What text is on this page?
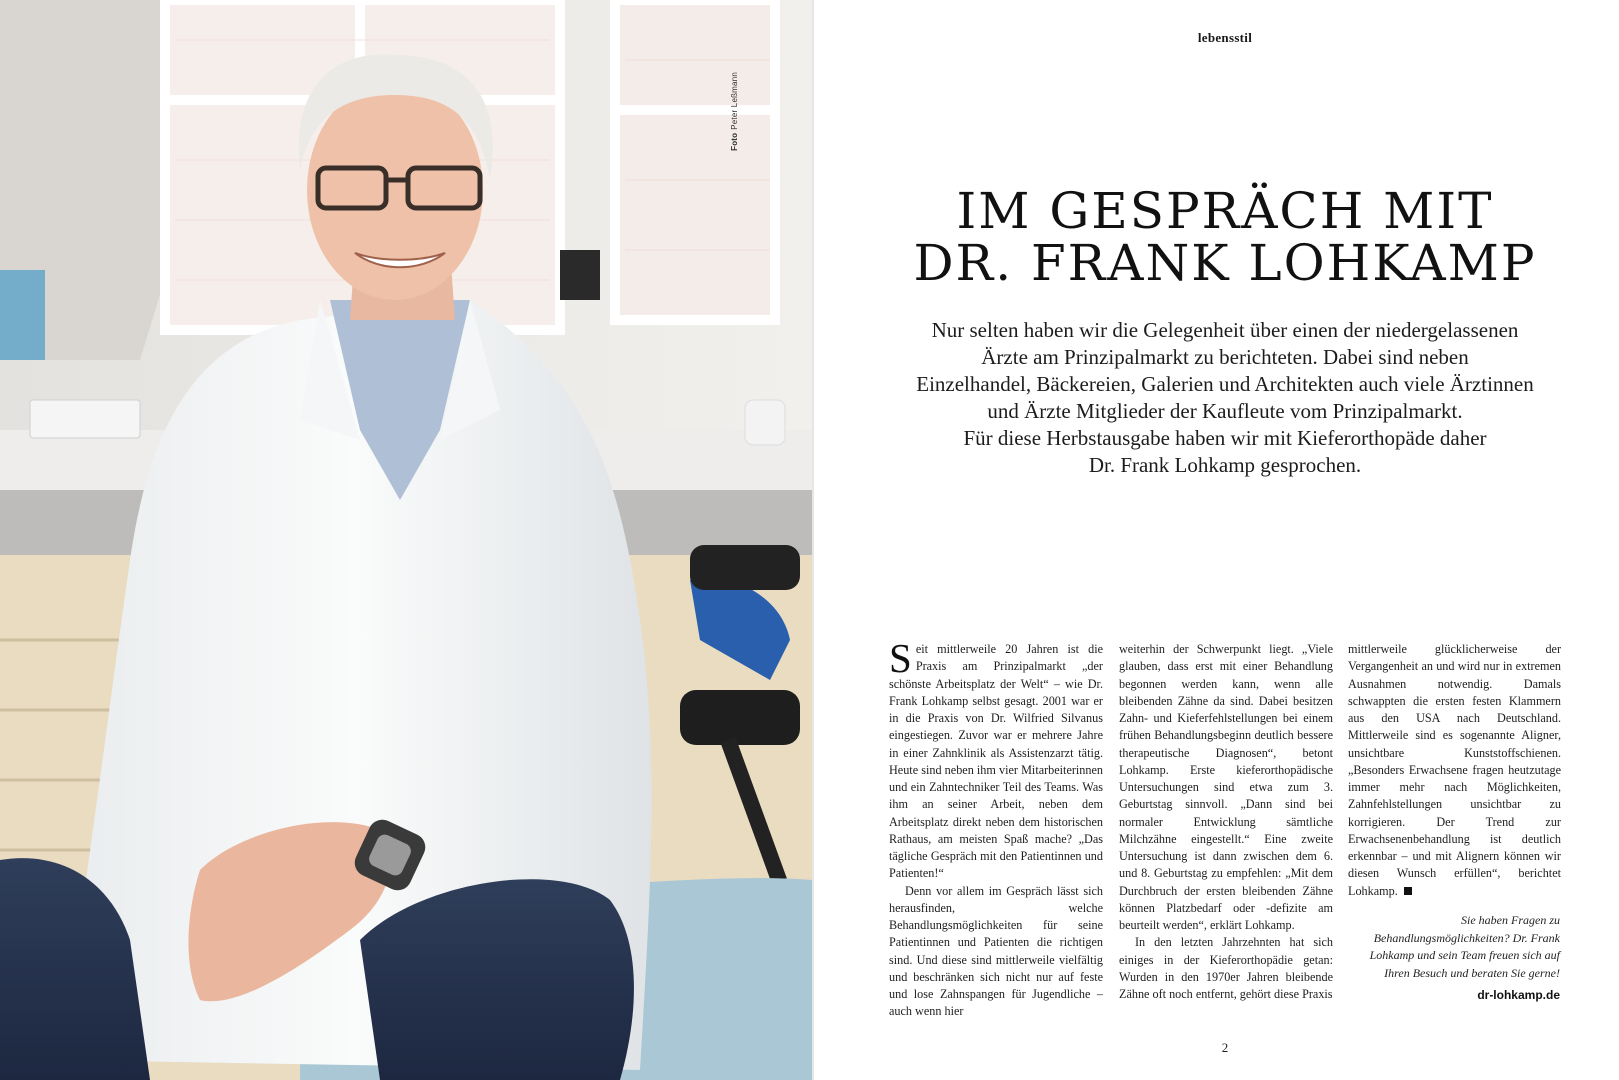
FotoPeter Leßmann
lebensstil
IM GESPRÄCH MIT
DR. FRANK LOHKAMP

Nur selten haben wir die Gelegenheit über einen der niedergelassenen
Ärzte am Prinzipalmarkt zu berichteten. Dabei sind neben
Einzelhandel, Bäckereien, Galerien und Architekten auch viele Ärztinnen
und Ärzte Mitglieder der Kaufleute vom Prinzipalmarkt.
Für diese Herbstausgabe haben wir mit Kieferorthopäde daher
Dr. Frank Lohkamp gesprochen.

Seit mittlerweile 20 Jahren ist die Praxis am Prinzipalmarkt „der schönste Arbeitsplatz der Welt“ – wie Dr. Frank Lohkamp selbst gesagt. 2001 war er in die Praxis von Dr. Wilfried Silvanus eingestiegen. Zuvor war er mehrere Jahre in einer Zahnklinik als Assistenzarzt tätig. Heute sind neben ihm vier Mitarbeiterinnen und ein Zahntechniker Teil des Teams. Was ihm an seiner Arbeit, neben dem Arbeitsplatz direkt neben dem historischen Rathaus, am meisten Spaß mache? „Das tägliche Gespräch mit den Patientinnen und Patienten!“

Denn vor allem im Gespräch lässt sich herausfinden, welche Behandlungsmöglichkeiten für seine Patientinnen und Patienten die richtigen sind. Und diese sind mittlerweile vielfältig und beschränken sich nicht nur auf feste und lose Zahnspangen für Jugendliche – auch wenn hier

weiterhin der Schwerpunkt liegt. „Viele glauben, dass erst mit einer Behandlung begonnen werden kann, wenn alle bleibenden Zähne da sind. Dabei besitzen Zahn- und Kieferfehlstellungen bei einem frühen Behandlungsbeginn deutlich bessere therapeutische Diagnosen“, betont Lohkamp. Erste kieferorthopädische Untersuchungen sind etwa zum 3. Geburtstag sinnvoll. „Dann sind bei normaler Entwicklung sämtliche Milchzähne eingestellt.“ Eine zweite Untersuchung ist dann zwischen dem 6. und 8. Geburtstag zu empfehlen: „Mit dem Durchbruch der ersten bleibenden Zähne können Platzbedarf oder -defizite am beurteilt werden“, erklärt Lohkamp.

In den letzten Jahrzehnten hat sich einiges in der Kieferorthopädie getan: Wurden in den 1970er Jahren bleibende Zähne oft noch entfernt, gehört diese Praxis

mittlerweile glücklicherweise der Vergangenheit an und wird nur in extremen Ausnahmen notwendig. Damals schwappten die ersten festen Klammern aus den USA nach Deutschland. Mittlerweile sind es sogenannte Aligner, unsichtbare Kunststoffschienen. „Besonders Erwachsene fragen heutzutage immer mehr nach Möglichkeiten, Zahnfehlstellungen unsichtbar zu korrigieren. Der Trend zur Erwachsenenbehandlung ist deutlich erkennbar – und mit Alignern können wir diesen Wunsch erfüllen“, berichtet Lohkamp.

Sie haben Fragen zu Behandlungsmöglichkeiten? Dr. Frank Lohkamp und sein Team freuen sich auf Ihren Besuch und beraten Sie gerne!

dr-lohkamp.de
2
